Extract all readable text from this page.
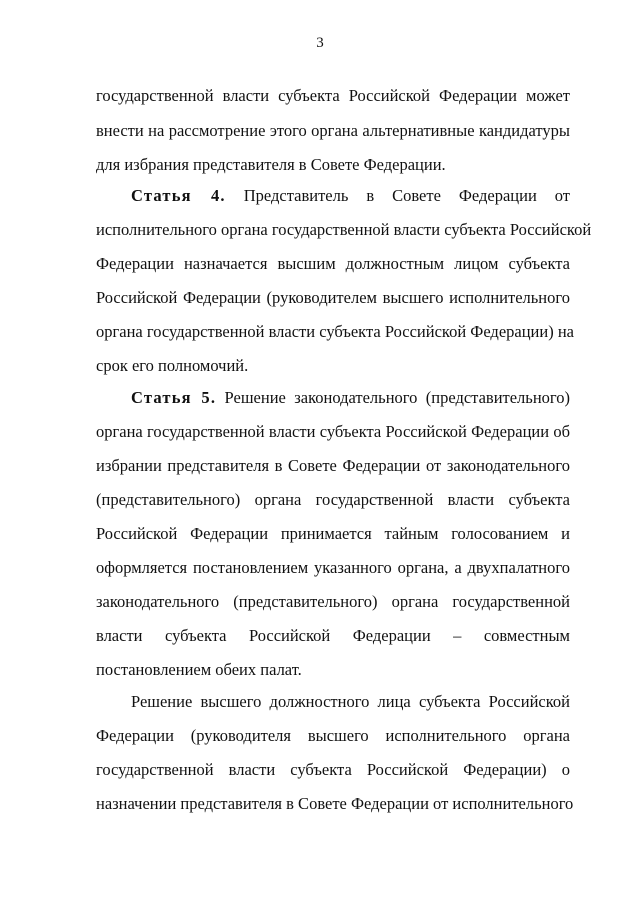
3
государственной власти субъекта Российской Федерации может
внести на рассмотрение этого органа альтернативные кандидатуры
для избрания представителя в Совете Федерации.
Статья 4. Представитель в Совете Федерации от
исполнительного органа государственной власти субъекта Российской
Федерации назначается высшим должностным лицом субъекта
Российской Федерации (руководителем высшего исполнительного
органа государственной власти субъекта Российской Федерации) на
срок его полномочий.
Статья 5. Решение законодательного (представительного)
органа государственной власти субъекта Российской Федерации об
избрании представителя в Совете Федерации от законодательного
(представительного) органа государственной власти субъекта
Российской Федерации принимается тайным голосованием и
оформляется постановлением указанного органа, а двухпалатного
законодательного (представительного) органа государственной
власти субъекта Российской Федерации – совместным
постановлением обеих палат.
Решение высшего должностного лица субъекта Российской
Федерации (руководителя высшего исполнительного органа
государственной власти субъекта Российской Федерации) о
назначении представителя в Совете Федерации от исполнительного
